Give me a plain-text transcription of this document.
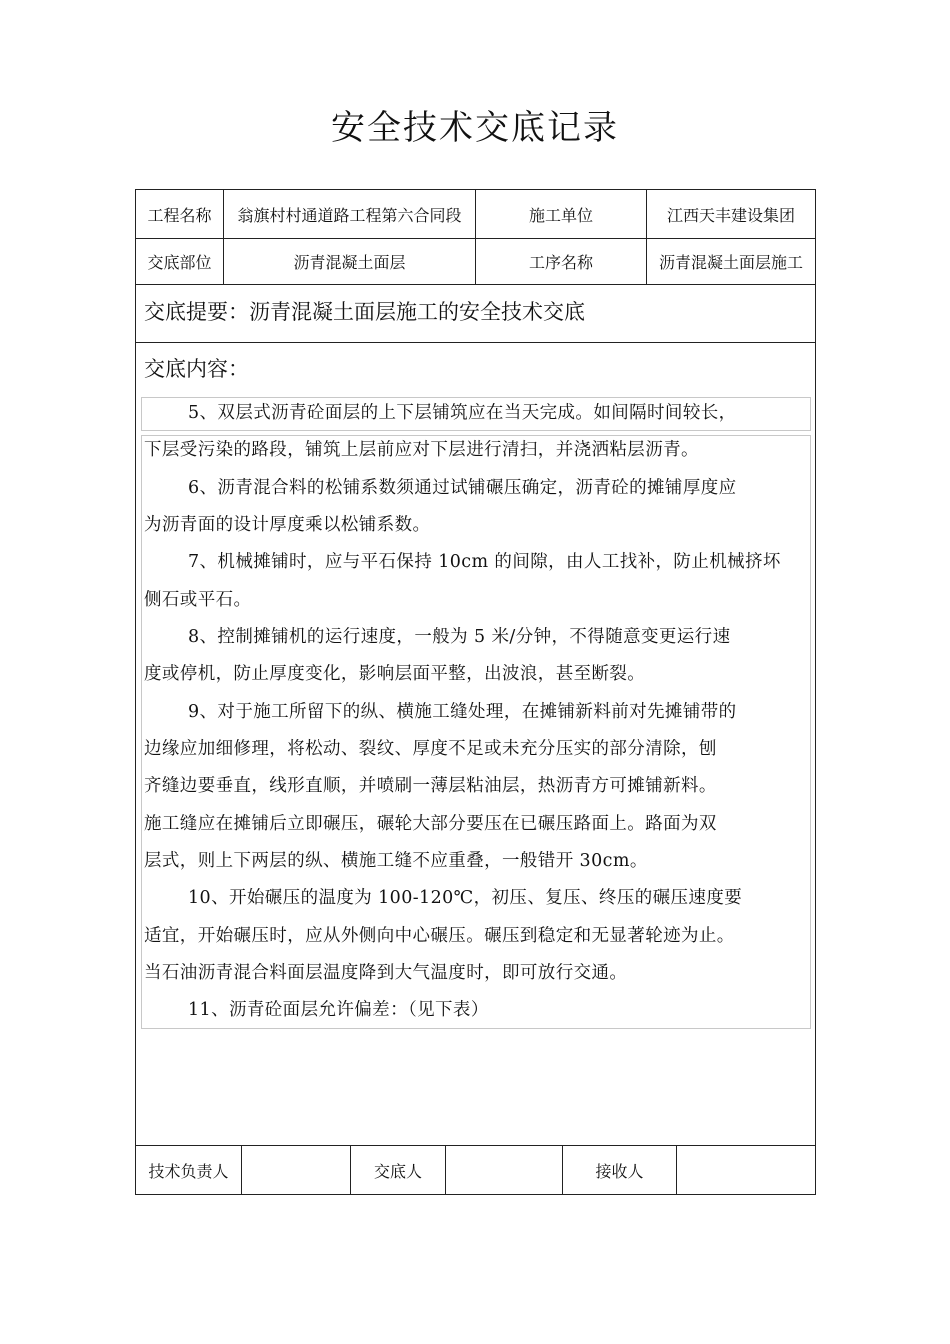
安全技术交底记录
工程名称	翁旗村村通道路工程第六合同段	施工单位	江西天丰建设集团
交底部位	沥青混凝土面层	工序名称	沥青混凝土面层施工
交底提要：沥青混凝土面层施工的安全技术交底
交底内容：
5、双层式沥青砼面层的上下层铺筑应在当天完成。如间隔时间较长，
下层受污染的路段，铺筑上层前应对下层进行清扫，并浇洒粘层沥青。
6、沥青混合料的松铺系数须通过试铺碾压确定，沥青砼的摊铺厚度应
为沥青面的设计厚度乘以松铺系数。
7、机械摊铺时，应与平石保持 10cm 的间隙，由人工找补，防止机械挤坏
侧石或平石。
8、控制摊铺机的运行速度，一般为 5 米/分钟，不得随意变更运行速
度或停机，防止厚度变化，影响层面平整，出波浪，甚至断裂。
9、对于施工所留下的纵、横施工缝处理，在摊铺新料前对先摊铺带的
边缘应加细修理，将松动、裂纹、厚度不足或未充分压实的部分清除，刨
齐缝边要垂直，线形直顺，并喷刷一薄层粘油层，热沥青方可摊铺新料。
施工缝应在摊铺后立即碾压，碾轮大部分要压在已碾压路面上。路面为双
层式，则上下两层的纵、横施工缝不应重叠，一般错开 30cm。
10、开始碾压的温度为 100-120℃，初压、复压、终压的碾压速度要
适宜，开始碾压时，应从外侧向中心碾压。碾压到稳定和无显著轮迹为止。
当石油沥青混合料面层温度降到大气温度时，即可放行交通。
11、沥青砼面层允许偏差：（见下表）
技术负责人	交底人	接收人
